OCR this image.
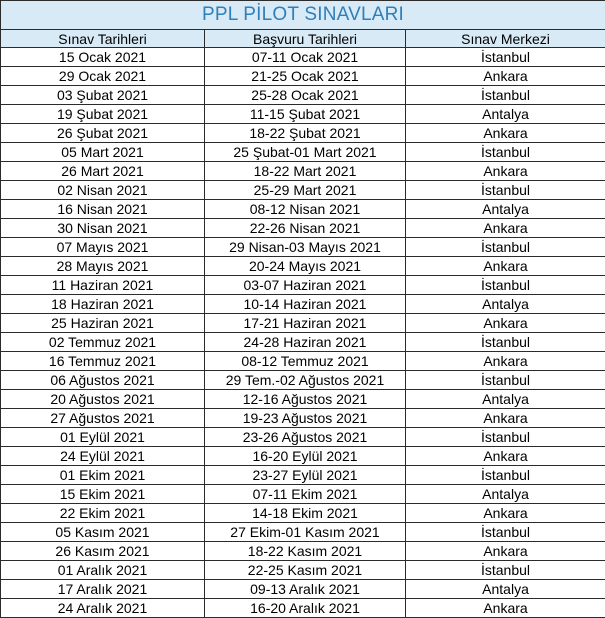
PPL PİLOT SINAVLARI		
Sınav Tarihleri	Başvuru Tarihleri	Sınav Merkezi
15 Ocak 2021	07-11 Ocak 2021	İstanbul
29 Ocak 2021	21-25 Ocak 2021	Ankara
03 Şubat 2021	25-28 Ocak 2021	İstanbul
19 Şubat 2021	11-15 Şubat 2021	Antalya
26 Şubat 2021	18-22 Şubat 2021	Ankara
05 Mart 2021	25 Şubat-01 Mart 2021	İstanbul
26 Mart 2021	18-22 Mart 2021	Ankara
02 Nisan 2021	25-29 Mart 2021	İstanbul
16 Nisan 2021	08-12 Nisan 2021	Antalya
30 Nisan 2021	22-26 Nisan 2021	Ankara
07 Mayıs 2021	29 Nisan-03 Mayıs 2021	İstanbul
28 Mayıs 2021	20-24 Mayıs 2021	Ankara
11 Haziran 2021	03-07 Haziran 2021	İstanbul
18 Haziran 2021	10-14 Haziran 2021	Antalya
25 Haziran 2021	17-21 Haziran 2021	Ankara
02 Temmuz 2021	24-28 Haziran 2021	İstanbul
16 Temmuz 2021	08-12 Temmuz 2021	Ankara
06 Ağustos 2021	29 Tem.-02 Ağustos 2021	İstanbul
20 Ağustos 2021	12-16 Ağustos 2021	Antalya
27 Ağustos 2021	19-23 Ağustos 2021	Ankara
01 Eylül 2021	23-26 Ağustos 2021	İstanbul
24 Eylül 2021	16-20 Eylül 2021	Ankara
01 Ekim 2021	23-27 Eylül 2021	İstanbul
15 Ekim 2021	07-11 Ekim 2021	Antalya
22 Ekim 2021	14-18 Ekim 2021	Ankara
05 Kasım 2021	27 Ekim-01 Kasım 2021	İstanbul
26 Kasım 2021	18-22 Kasım 2021	Ankara
01 Aralık 2021	22-25 Kasım 2021	İstanbul
17 Aralık 2021	09-13 Aralık 2021	Antalya
24 Aralık 2021	16-20 Aralık 2021	Ankara
